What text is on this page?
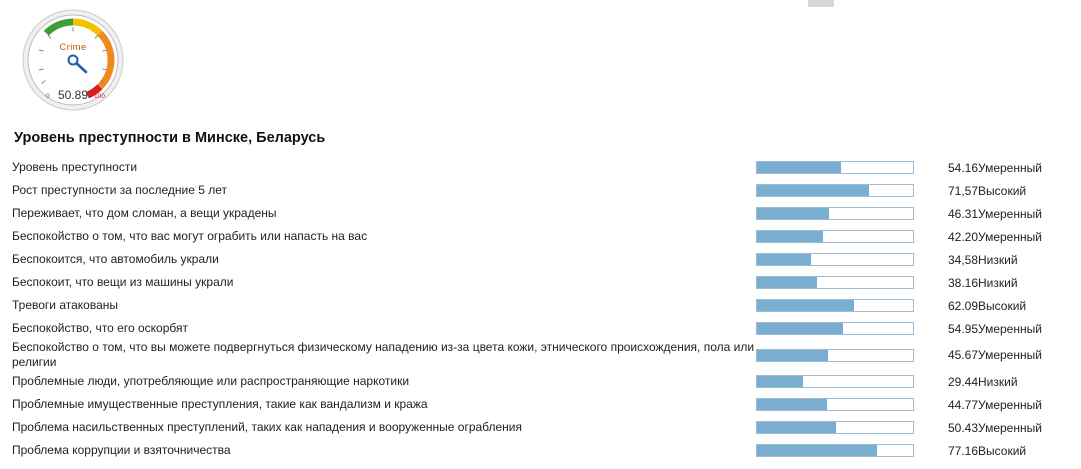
0	100
Crime
50.89
Уровень преступности в Минске, Беларусь
Уровень преступности		54.16	Умеренный
Рост преступности за последние 5 лет		71,57	Высокий
Переживает, что дом сломан, а вещи украдены		46.31	Умеренный
Беспокойство о том, что вас могут ограбить или напасть на вас		42.20	Умеренный
Беспокоится, что автомобиль украли		34,58	Низкий
Беспокоит, что вещи из машины украли		38.16	Низкий
Тревоги атакованы		62.09	Высокий
Беспокойство, что его оскорбят		54.95	Умеренный
Беспокойство о том, что вы можете подвергнуться физическому нападению из-за цвета кожи, этнического происхождения, пола или религии		45.67	Умеренный
Проблемные люди, употребляющие или распространяющие наркотики		29.44	Низкий
Проблемные имущественные преступления, такие как вандализм и кража		44.77	Умеренный
Проблема насильственных преступлений, таких как нападения и вооруженные ограбления		50.43	Умеренный
Проблема коррупции и взяточничества		77.16	Высокий
